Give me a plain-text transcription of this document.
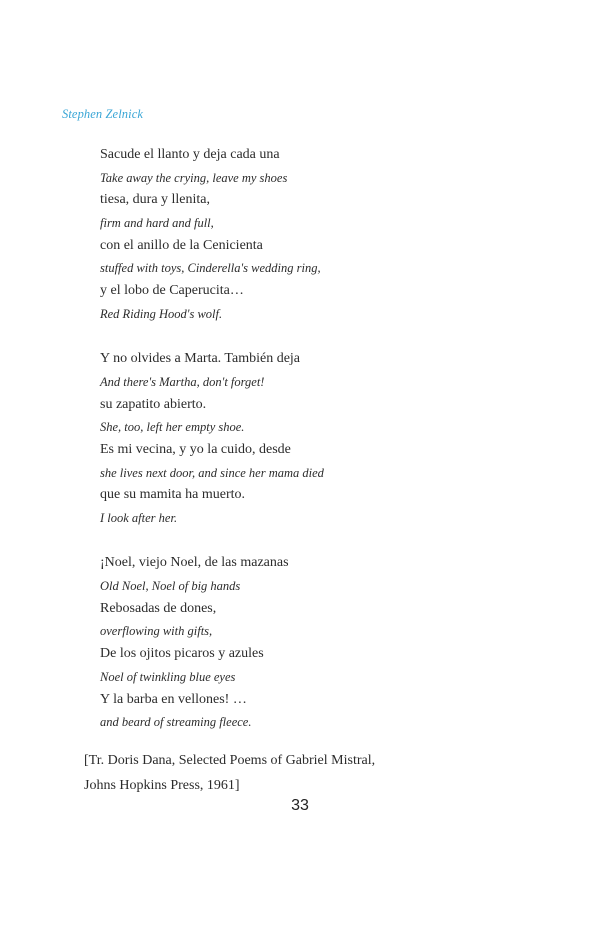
Stephen Zelnick
Sacude el llanto y deja cada una
Take away the crying, leave my shoes
tiesa, dura y llenita,
firm and hard and full,
con el anillo de la Cenicienta
stuffed with toys, Cinderella's wedding ring,
y el lobo de Caperucita…
Red Riding Hood's wolf.
Y no olvides a Marta. También deja
And there's Martha, don't forget!
su zapatito abierto.
She, too, left her empty shoe.
Es mi vecina, y yo la cuido, desde
she lives next door, and since her mama died
que su mamita ha muerto.
I look after her.
¡Noel, viejo Noel, de las mazanas
Old Noel, Noel of big hands
Rebosadas de dones,
overflowing with gifts,
De los ojitos picaros y azules
Noel of twinkling blue eyes
Y la barba en vellones! …
and beard of streaming fleece.
[Tr. Doris Dana, Selected Poems of Gabriel Mistral,
Johns Hopkins Press, 1961]
33
